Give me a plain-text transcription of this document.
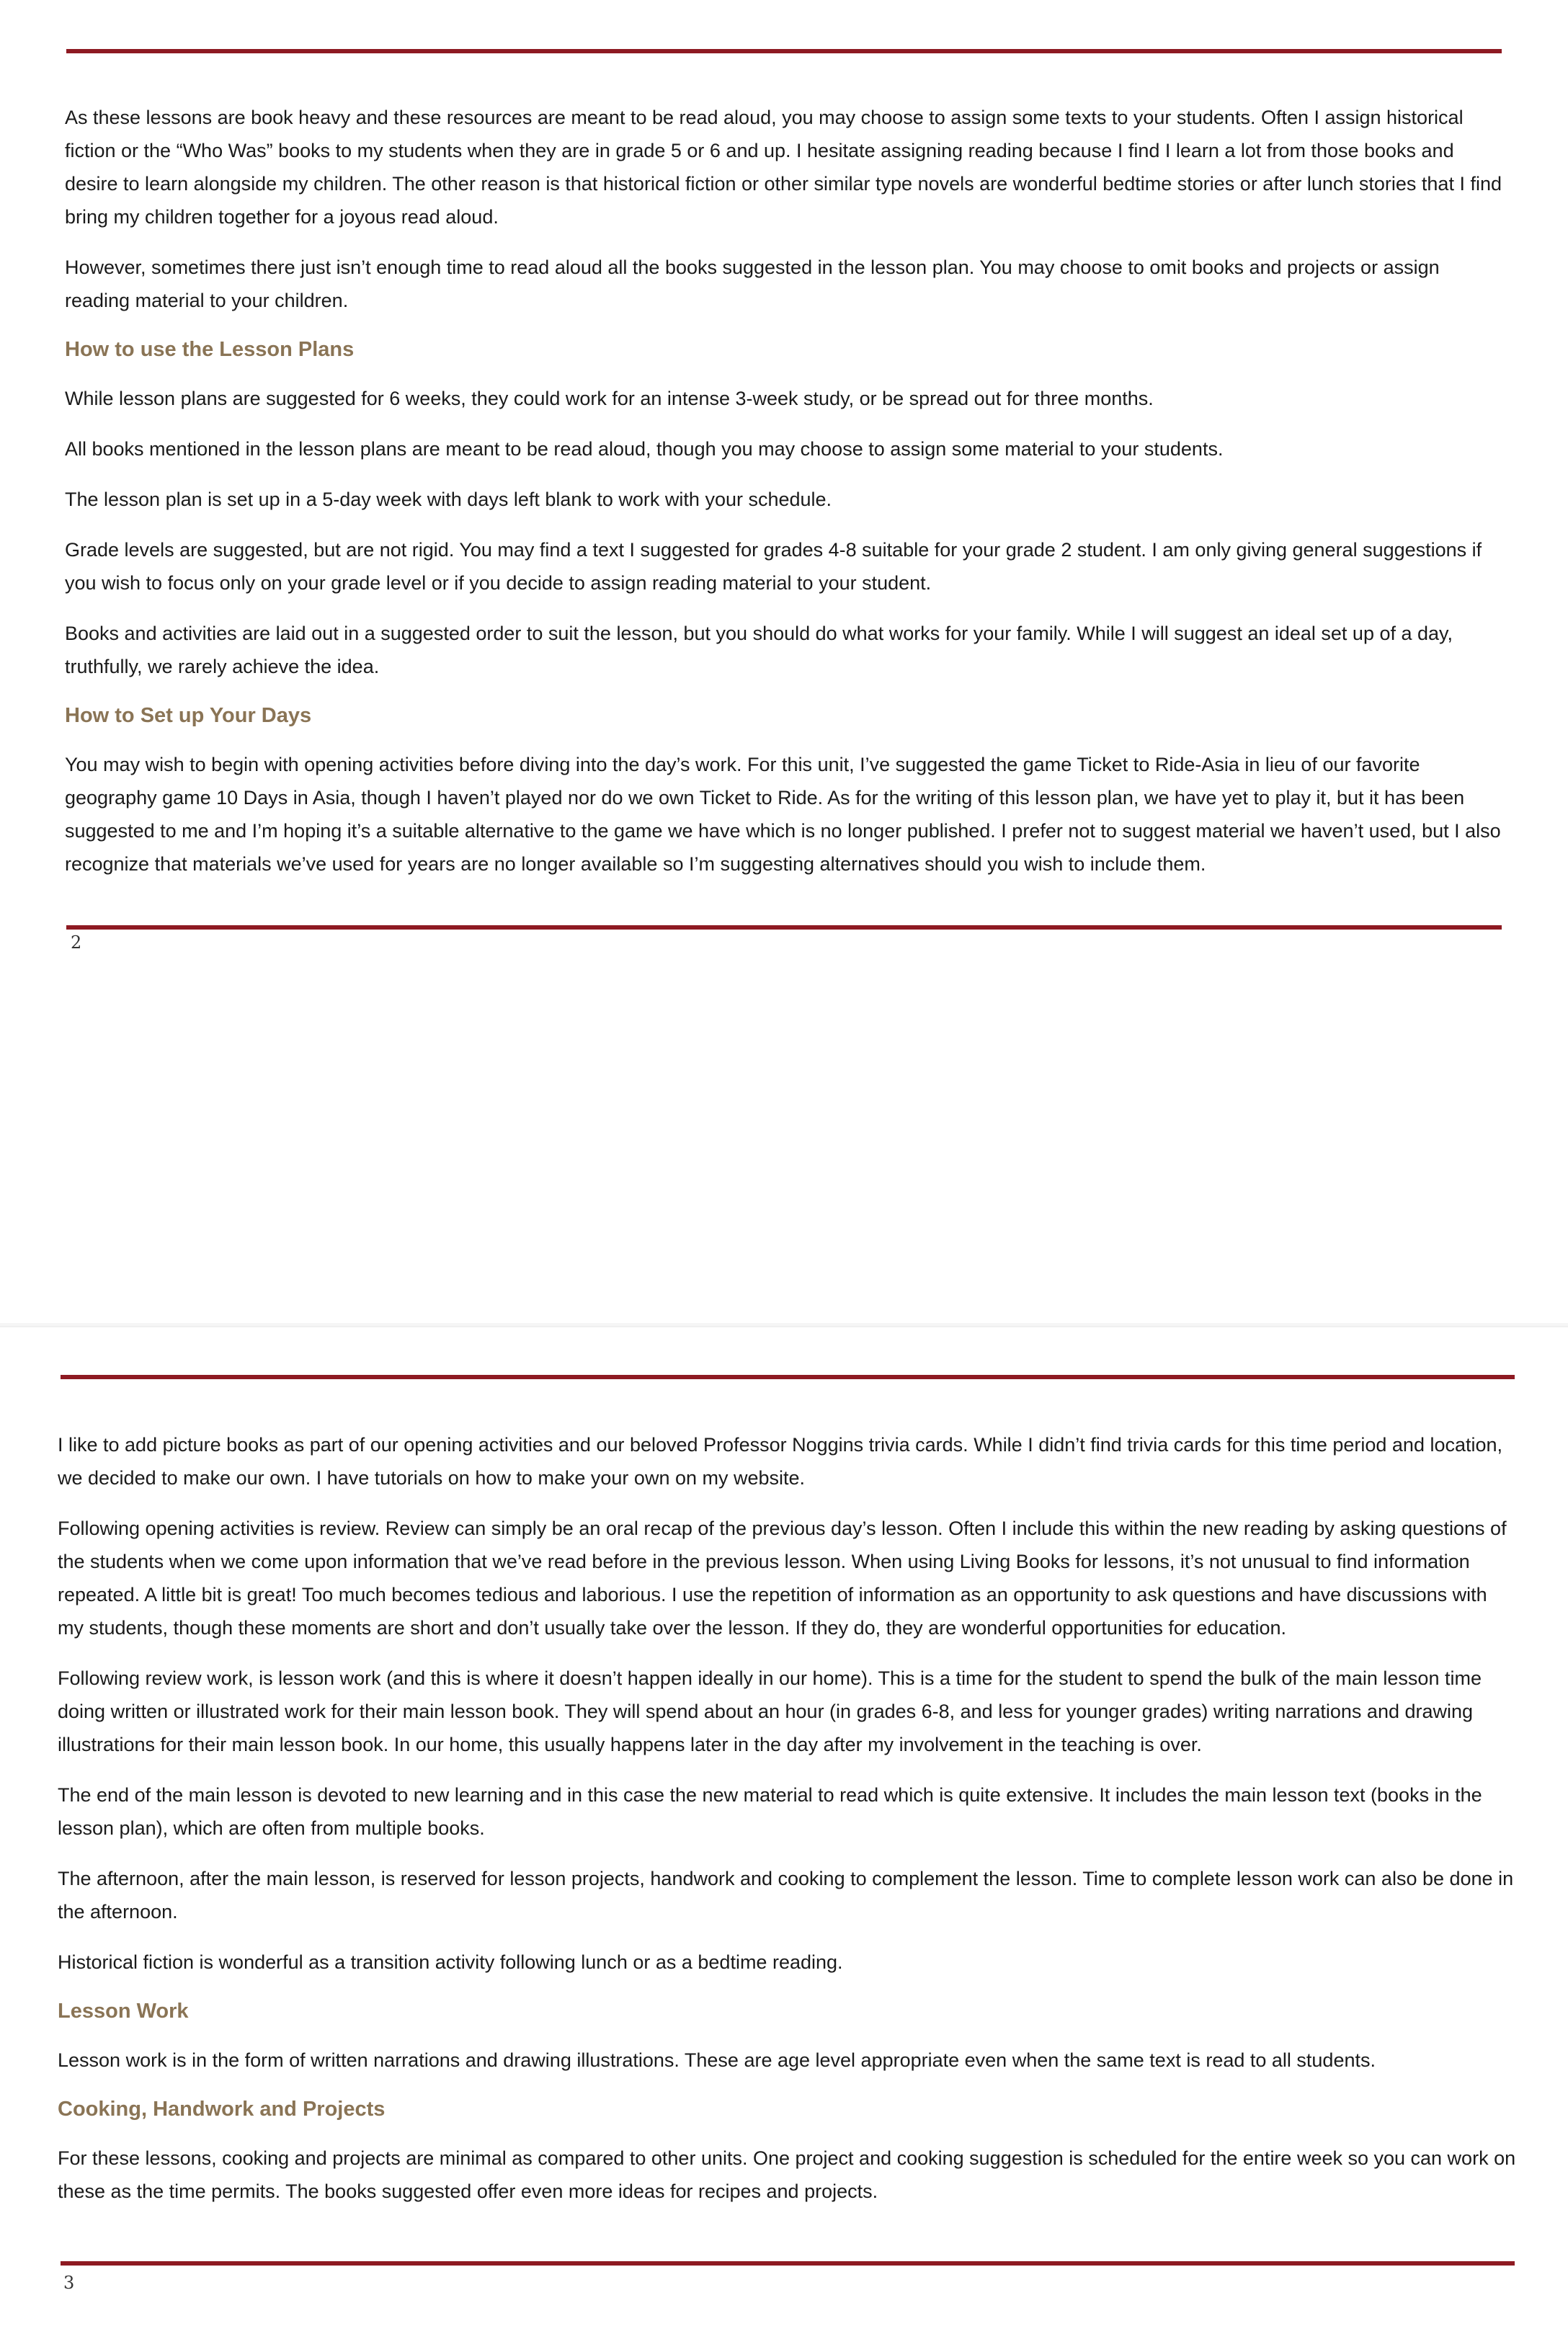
As these lessons are book heavy and these resources are meant to be read aloud, you may choose to assign some texts to your students. Often I assign historical fiction or the “Who Was” books to my students when they are in grade 5 or 6 and up. I hesitate assigning reading because I find I learn a lot from those books and desire to learn alongside my children. The other reason is that historical fiction or other similar type novels are wonderful bedtime stories or after lunch stories that I find bring my children together for a joyous read aloud.

However, sometimes there just isn’t enough time to read aloud all the books suggested in the lesson plan. You may choose to omit books and projects or assign reading material to your children.

How to use the Lesson Plans

While lesson plans are suggested for 6 weeks, they could work for an intense 3-week study, or be spread out for three months.

All books mentioned in the lesson plans are meant to be read aloud, though you may choose to assign some material to your students.

The lesson plan is set up in a 5-day week with days left blank to work with your schedule.

Grade levels are suggested, but are not rigid. You may find a text I suggested for grades 4-8 suitable for your grade 2 student. I am only giving general suggestions if you wish to focus only on your grade level or if you decide to assign reading material to your student.

Books and activities are laid out in a suggested order to suit the lesson, but you should do what works for your family. While I will suggest an ideal set up of a day, truthfully, we rarely achieve the idea.

How to Set up Your Days

You may wish to begin with opening activities before diving into the day’s work. For this unit, I’ve suggested the game Ticket to Ride-Asia in lieu of our favorite geography game 10 Days in Asia, though I haven’t played nor do we own Ticket to Ride. As for the writing of this lesson plan, we have yet to play it, but it has been suggested to me and I’m hoping it’s a suitable alternative to the game we have which is no longer published. I prefer not to suggest material we haven’t used, but I also recognize that materials we’ve used for years are no longer available so I’m suggesting alternatives should you wish to include them.

2

I like to add picture books as part of our opening activities and our beloved Professor Noggins trivia cards. While I didn’t find trivia cards for this time period and location, we decided to make our own. I have tutorials on how to make your own on my website.

Following opening activities is review. Review can simply be an oral recap of the previous day’s lesson. Often I include this within the new reading by asking questions of the students when we come upon information that we’ve read before in the previous lesson. When using Living Books for lessons, it’s not unusual to find information repeated. A little bit is great! Too much becomes tedious and laborious. I use the repetition of information as an opportunity to ask questions and have discussions with my students, though these moments are short and don’t usually take over the lesson. If they do, they are wonderful opportunities for education.

Following review work, is lesson work (and this is where it doesn’t happen ideally in our home). This is a time for the student to spend the bulk of the main lesson time doing written or illustrated work for their main lesson book. They will spend about an hour (in grades 6-8, and less for younger grades) writing narrations and drawing illustrations for their main lesson book. In our home, this usually happens later in the day after my involvement in the teaching is over.

The end of the main lesson is devoted to new learning and in this case the new material to read which is quite extensive. It includes the main lesson text (books in the lesson plan), which are often from multiple books.

The afternoon, after the main lesson, is reserved for lesson projects, handwork and cooking to complement the lesson. Time to complete lesson work can also be done in the afternoon.

Historical fiction is wonderful as a transition activity following lunch or as a bedtime reading.

Lesson Work

Lesson work is in the form of written narrations and drawing illustrations. These are age level appropriate even when the same text is read to all students.

Cooking, Handwork and Projects

For these lessons, cooking and projects are minimal as compared to other units. One project and cooking suggestion is scheduled for the entire week so you can work on these as the time permits. The books suggested offer even more ideas for recipes and projects.

3
